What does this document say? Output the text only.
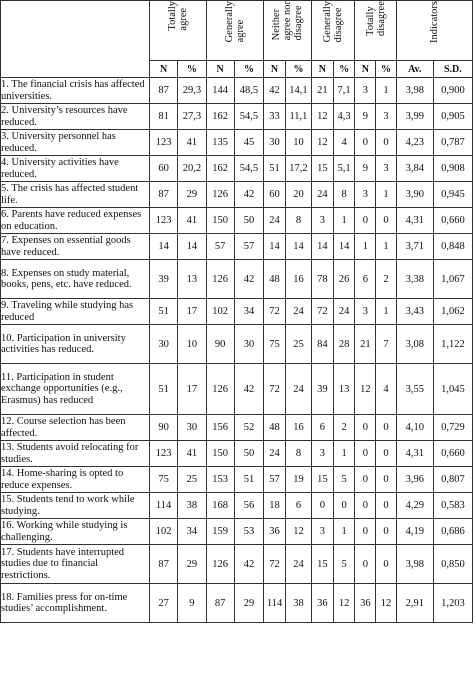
	Totally
agree		Generally
agree		Neither
agree nor
disagree		Generally
disagree		Totally
disagree		Indicators	
	N	%	N	%	N	%	N	%	N	%	Av.	S.D.
1. The financial crisis has affected universities.	87	29,3	144	48,5	42	14,1	21	7,1	3	1	3,98	0,900
2. University’s resources have reduced.	81	27,3	162	54,5	33	11,1	12	4,3	9	3	3,99	0,905
3. University personnel has reduced.	123	41	135	45	30	10	12	4	0	0	4,23	0,787
4. University activities have reduced.	60	20,2	162	54,5	51	17,2	15	5,1	9	3	3,84	0,908
5. The crisis has affected student life.	87	29	126	42	60	20	24	8	3	1	3,90	0,945
6. Parents have reduced expenses on education.	123	41	150	50	24	8	3	1	0	0	4,31	0,660
7. Expenses on essential goods have reduced.	14	14	57	57	14	14	14	14	1	1	3,71	0,848
8. Expenses on study material, books, pens, etc. have reduced.	39	13	126	42	48	16	78	26	6	2	3,38	1,067
9. Traveling while studying has reduced	51	17	102	34	72	24	72	24	3	1	3,43	1,062
10. Participation in university activities has reduced.	30	10	90	30	75	25	84	28	21	7	3,08	1,122
11. Participation in student exchange opportunities (e.g., Erasmus) has reduced	51	17	126	42	72	24	39	13	12	4	3,55	1,045
12. Course selection has been affected.	90	30	156	52	48	16	6	2	0	0	4,10	0,729
13. Students avoid relocating for studies.	123	41	150	50	24	8	3	1	0	0	4,31	0,660
14. Home-sharing is opted to reduce expenses.	75	25	153	51	57	19	15	5	0	0	3,96	0,807
15. Students tend to work while studying.	114	38	168	56	18	6	0	0	0	0	4,29	0,583
16. Working while studying is challenging.	102	34	159	53	36	12	3	1	0	0	4,19	0,686
17. Students have interrupted studies due to financial restrictions.	87	29	126	42	72	24	15	5	0	0	3,98	0,850
18. Families press for on-time studies’ accomplishment.	27	9	87	29	114	38	36	12	36	12	2,91	1,203
